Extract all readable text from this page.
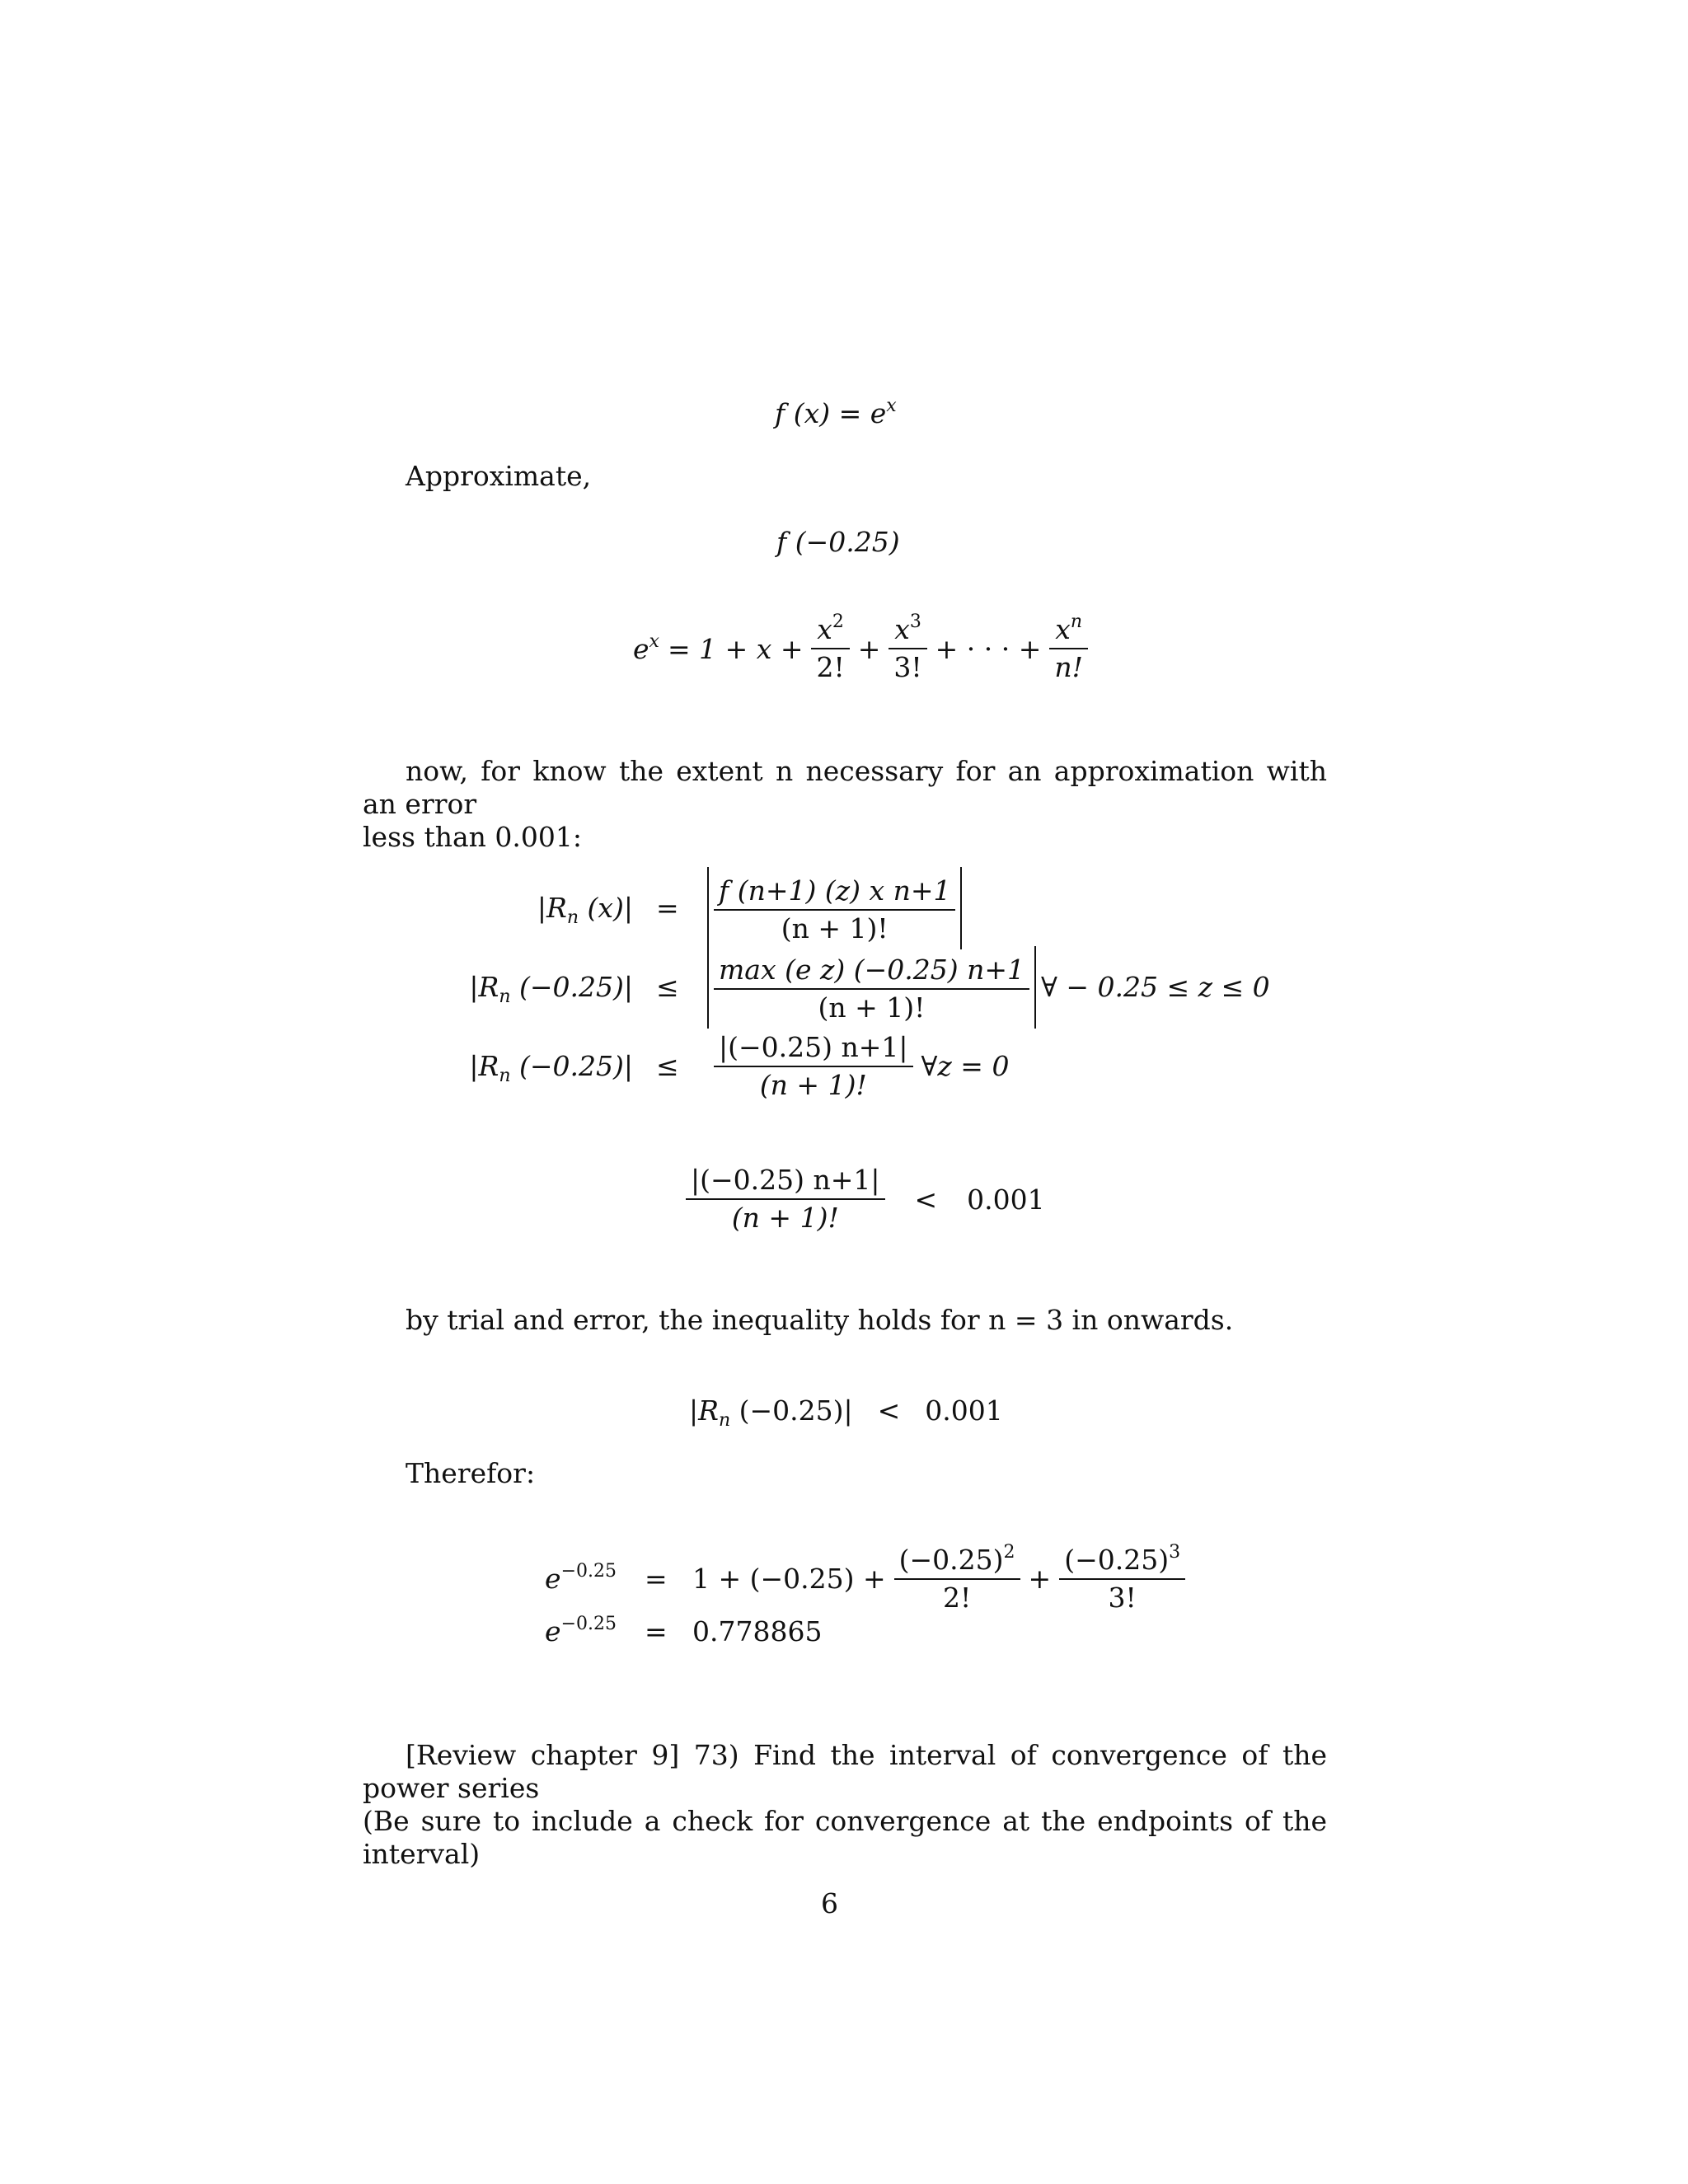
f $(x) = e^x$
Approximate,
f (−0.25)
$e^x = 1 + x + \frac{x^2}{2!} + \frac{x^3}{3!}$ + · · · + $\frac{x^n}{n!}$
now, for know the extent n necessary for an approximation with an error
less than 0.001:
$|R_n$ $(x)| = \frac{\text{f (n+1) (z) x n+1}}{(n + 1)!}$
$|R_n$ $(-0.25)| \le \frac{\text{max (e z) (−0.25) n+1}}{(n + 1)!}$ ∀ − 0.25 ≤ z ≤ 0
$|R_n$ $(-0.25)| \le \frac{|(-0.25) n+1|}{(n + 1)!}$ ∀z = 0
$\frac{|(-0.25) n+1|}{(n + 1)!} < 0.001$
by trial and error, the inequality holds for n = 3 in onwards.
$|R_n$ (−0.25)| < 0.001
Therefor:
$e^{-0.25} = 1 + (-0.25) + \frac{(-0.25)^2}{2!} + \frac{(-0.25)^3}{3!}$
$e^{-0.25} = 0.778865$
[Review chapter 9] 73) Find the interval of convergence of the power series
(Be sure to include a check for convergence at the endpoints of the interval)
6
